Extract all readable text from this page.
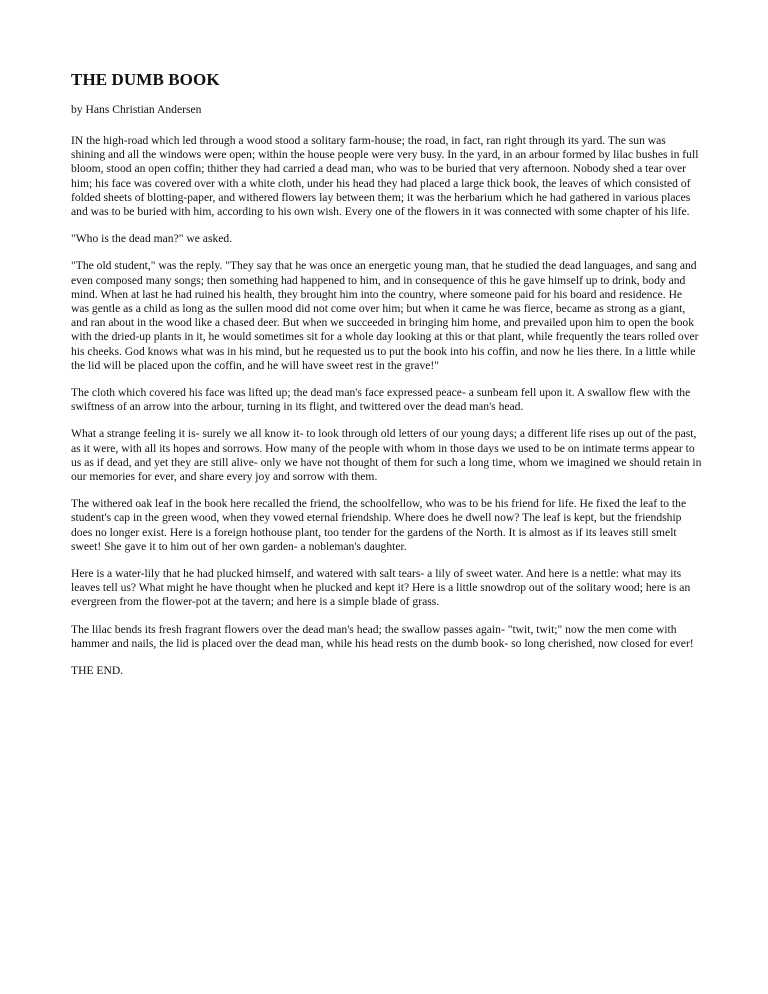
THE DUMB BOOK
by Hans Christian Andersen

IN the high-road which led through a wood stood a solitary farm-house; the road, in fact, ran right through its yard. The sun was shining and all the windows were open; within the house people were very busy. In the yard, in an arbour formed by lilac bushes in full bloom, stood an open coffin; thither they had carried a dead man, who was to be buried that very afternoon. Nobody shed a tear over him; his face was covered over with a white cloth, under his head they had placed a large thick book, the leaves of which consisted of folded sheets of blotting-paper, and withered flowers lay between them; it was the herbarium which he had gathered in various places and was to be buried with him, according to his own wish. Every one of the flowers in it was connected with some chapter of his life.

"Who is the dead man?" we asked.

"The old student," was the reply. "They say that he was once an energetic young man, that he studied the dead languages, and sang and even composed many songs; then something had happened to him, and in consequence of this he gave himself up to drink, body and mind. When at last he had ruined his health, they brought him into the country, where someone paid for his board and residence. He was gentle as a child as long as the sullen mood did not come over him; but when it came he was fierce, became as strong as a giant, and ran about in the wood like a chased deer. But when we succeeded in bringing him home, and prevailed upon him to open the book with the dried-up plants in it, he would sometimes sit for a whole day looking at this or that plant, while frequently the tears rolled over his cheeks. God knows what was in his mind, but he requested us to put the book into his coffin, and now he lies there. In a little while the lid will be placed upon the coffin, and he will have sweet rest in the grave!"

The cloth which covered his face was lifted up; the dead man's face expressed peace- a sunbeam fell upon it. A swallow flew with the swiftness of an arrow into the arbour, turning in its flight, and twittered over the dead man's head.

What a strange feeling it is- surely we all know it- to look through old letters of our young days; a different life rises up out of the past, as it were, with all its hopes and sorrows. How many of the people with whom in those days we used to be on intimate terms appear to us as if dead, and yet they are still alive- only we have not thought of them for such a long time, whom we imagined we should retain in our memories for ever, and share every joy and sorrow with them.

The withered oak leaf in the book here recalled the friend, the schoolfellow, who was to be his friend for life. He fixed the leaf to the student's cap in the green wood, when they vowed eternal friendship. Where does he dwell now? The leaf is kept, but the friendship does no longer exist. Here is a foreign hothouse plant, too tender for the gardens of the North. It is almost as if its leaves still smelt sweet! She gave it to him out of her own garden- a nobleman's daughter.

Here is a water-lily that he had plucked himself, and watered with salt tears- a lily of sweet water. And here is a nettle: what may its leaves tell us? What might he have thought when he plucked and kept it? Here is a little snowdrop out of the solitary wood; here is an evergreen from the flower-pot at the tavern; and here is a simple blade of grass.

The lilac bends its fresh fragrant flowers over the dead man's head; the swallow passes again- "twit, twit;" now the men come with hammer and nails, the lid is placed over the dead man, while his head rests on the dumb book- so long cherished, now closed for ever!

THE END.
